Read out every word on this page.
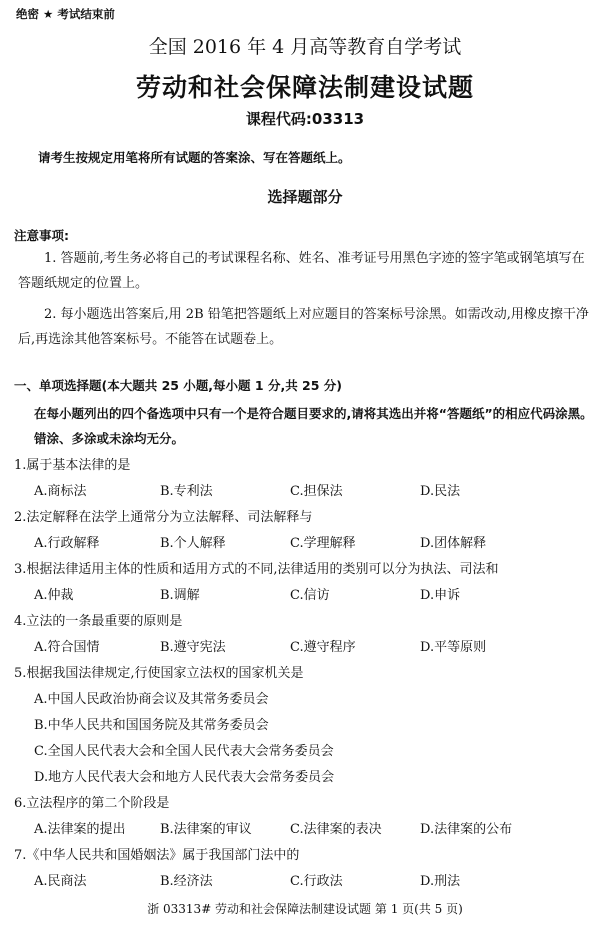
绝密 ★ 考试结束前
全国 2016 年 4 月高等教育自学考试
劳动和社会保障法制建设试题
课程代码:03313
请考生按规定用笔将所有试题的答案涂、写在答题纸上。
选择题部分
注意事项:
1. 答题前,考生务必将自己的考试课程名称、姓名、准考证号用黑色字迹的签字笔或钢笔填写在答题纸规定的位置上。
2. 每小题选出答案后,用 2B 铅笔把答题纸上对应题目的答案标号涂黑。如需改动,用橡皮擦干净后,再选涂其他答案标号。不能答在试题卷上。
一、单项选择题(本大题共 25 小题,每小题 1 分,共 25 分)
在每小题列出的四个备选项中只有一个是符合题目要求的,请将其选出并将“答题纸”的相应代码涂黑。错涂、多涂或未涂均无分。
1.属于基本法律的是
A.商标法	B.专利法	C.担保法	D.民法
2.法定解释在法学上通常分为立法解释、司法解释与
A.行政解释	B.个人解释	C.学理解释	D.团体解释
3.根据法律适用主体的性质和适用方式的不同,法律适用的类别可以分为执法、司法和
A.仲裁	B.调解	C.信访	D.申诉
4.立法的一条最重要的原则是
A.符合国情	B.遵守宪法	C.遵守程序	D.平等原则
5.根据我国法律规定,行使国家立法权的国家机关是
A.中国人民政治协商会议及其常务委员会
B.中华人民共和国国务院及其常务委员会
C.全国人民代表大会和全国人民代表大会常务委员会
D.地方人民代表大会和地方人民代表大会常务委员会
6.立法程序的第二个阶段是
A.法律案的提出	B.法律案的审议	C.法律案的表决	D.法律案的公布
7.《中华人民共和国婚姻法》属于我国部门法中的
A.民商法	B.经济法	C.行政法	D.刑法
浙 03313# 劳动和社会保障法制建设试题 第 1 页(共 5 页)
